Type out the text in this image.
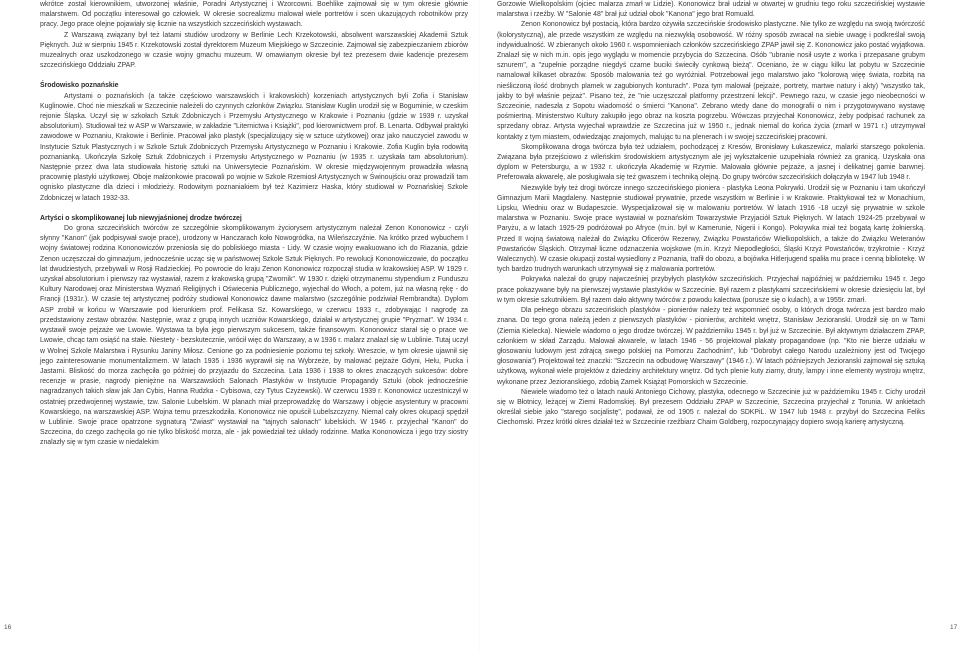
wkrótce został kierownikiem, utworzonej właśnie, Poradni Artystycznej i Wzorcowni. Boehlike zajmował się w tym okresie głównie malarstwem. Od początku interesował go człowiek. W okresie socrealizmu malował wiele portretów i scen ukazujących robotników przy pracy. Jego prace olejne pojawiały się licznie na wszystkich szczecińskich wystawach.

Z Warszawą związany był też latami studiów urodzony w Berlinie Lech Krzekotowski, absolwent warszawskiej Akademii Sztuk Pięknych. Już w sierpniu 1945 r. Krzekotowski został dyrektorem Muzeum Miejskiego w Szczecinie. Zajmował się zabezpieczaniem zbiorów muzealnych oraz uszkodzonego w czasie wojny gmachu muzeum. W omawianym okresie był też prezesem dwie kadencje prezesem szczecińskiego Oddziału ZPAP.

Środowisko poznańskie

Artystami o poznańskich (a także częściowo warszawskich i krakowskich) korzeniach artystycznych byli Zofia i Stanisław Kuglinowie. Choć nie mieszkali w Szczecinie należeli do czynnych członków Związku. Stanisław Kuglin urodził się w Boguminie, w czeskim rejonie Śląska. Uczył się w szkołach Sztuk Zdobniczych i Przemysłu Artystycznego w Krakowie i Poznaniu (gdzie w 1939 r. uzyskał absolutorium). Studiował też w ASP w Warszawie, w zakładzie "Liternictwa i Książki", pod kierownictwem prof. B. Lenarta. Odbywał praktyki zawodowe w Poznaniu, Krakowie i Berlinie. Pracował jako plastyk (specjalizujący się w sztuce użytkowej) oraz jako nauczyciel zawodu w Instytucie Sztuk Plastycznych i w Szkole Sztuk Zdobniczych Przemysłu Artystycznego w Poznaniu i Krakowie. Zofia Kuglin była rodowitą poznanianką. Ukończyła Szkołę Sztuk Zdobniczych i Przemysłu Artystycznego w Poznaniu (w 1935 r. uzyskała tam absolutorium). Następnie przez dwa lata studiowała historię sztuki na Uniwersytecie Poznańskim. W okresie międzywojennym prowadziła własną pracownię plastyki użytkowej. Oboje małżonkowie pracowali po wojnie w Szkole Rzemiosł Artystycznych w Świnoujściu oraz prowadzili tam ognisko plastyczne dla dzieci i młodzieży. Rodowitym poznaniakiem był też Kazimierz Haska, który studiował w Poznańskiej Szkole Zdobniczej w latach 1932-33.

Artyści o skomplikowanej lub niewyjaśnionej drodze twórczej

Do grona szczecińskich twórców ze szczególnie skomplikowanym życiorysem artystycznym należał Zenon Kononowicz - czyli słynny "Kanon" (jak podpisywał swoje prace), urodzony w Hanczarach koło Nowogródka, na Wileńszczyźnie. Na krótko przed wybuchem I wojny światowej rodzina Kononowiczów przeniosła się do pobliskiego miasta - Lidy. W czasie wojny ewakuowano ich do Riazania, gdzie Zenon uczęszczał do gimnazjum, jednocześnie ucząc się w państwowej Szkole Sztuk Pięknych. Po rewolucji Kononowiczowie, do początku lat dwudziestych, przebywali w Rosji Radzieckiej. Po powrocie do kraju Zenon Kononowicz rozpoczął studia w krakowskiej ASP. W 1929 r. uzyskał absolutorium i pierwszy raz wystawiał, razem z krakowską grupą "Zwornik". W 1930 r. dzięki otrzymanemu stypendium z Funduszu Kultury Narodowej oraz Ministerstwa Wyznań Religijnych i Oświecenia Publicznego, wyjechał do Włoch, a potem, już na własną rękę - do Francji (1931r.). W czasie tej artystycznej podróży studiował Kononowicz dawne malarstwo (szczególnie podziwiał Rembrandta). Dyplom ASP zrobił w końcu w Warszawie pod kierunkiem prof. Felikasa Sz. Kowarskiego, w czerwcu 1933 r., zdobywając I nagrodę za przedstawiony zestaw obrazów. Następnie, wraz z grupą innych uczniów Kowarskiego, działał w artystycznej grupie "Pryzmat". W 1934 r. wystawił swoje pejzaże we Lwowie. Wystawa ta była jego pierwszym sukcesem, także finansowym. Kononowicz starał się o prace we Lwowie, chcąc tam osiąść na stałe. Niestety - bezskutecznie, wrócił więc do Warszawy, a w 1936 r. malarz znalazł się w Lublinie. Tutaj uczył w Wolnej Szkole Malarstwa i Rysunku Janiny Miłosz. Cenione go za podniesienie poziomu tej szkoły. Wreszcie, w tym okresie ujawnił się jego zainteresowanie monumentalizmem. W latach 1935 i 1936 wyprawił się na Wybrzeże, by malować pejzaże Gdyni, Helu, Pucka i Jastarni. Bliskość do morza zachęciła go później do przyjazdu do Szczecina. Lata 1936 i 1938 to okres znaczących sukcesów: dobre recenzje w prasie, nagrody pieniężne na Warszawskich Salonach Plastyków w Instytucie Propagandy Sztuki (obok jednocześnie nagradzanych takich sław jak Jan Cybis, Hanna Rudzka - Cybisowa, czy Tytus Czyżewski). W czerwcu 1939 r. Kononowicz uczestniczył w ostatniej przedwojennej wystawie, tzw. Salonie Lubelskim. W planach miał przeprowadzkę do Warszawy i objęcie asystentury w pracowni Kowarskiego, na warszawskiej ASP. Wojna temu przeszkodziła. Kononowicz nie opuścił Lubelszczyzny. Niemal cały okres okupacji spędził w Lublinie. Swoje prace opatrzone sygnaturą "Zwiast" wystawiał na "tajnych salonach" lubelskich. W 1946 r. przyjechał "Kanon" do Szczecina, do czego zachęciła go nie tylko bliskość morza, ale - jak powiedział też układy rodzinne. Matka Kononowicza i jego trzy siostry znalazły się w tym czasie w niedalekim

Gorzowie Wielkopolskim (ojciec malarza zmarł w Lidzie). Kononowicz brał udział w otwartej w grudniu tego roku szczecińskiej wystawie malarstwa i rzeźby. W "Salonie 48" brał już udział obok "Kanona" jego brat Romuald.

Zenon Kononowicz był postacią, która bardzo ożywiła szczecińskie środowisko plastyczne. Nie tylko ze względu na swoją twórczość (kolorystyczną), ale przede wszystkim ze względu na niezwykłą osobowość. W różny sposób zwracał na siebie uwagę i podkreślał swoją indywidualność. W zbieranych około 1960 r. wspomnieniach członków szczecińskiego ZPAP jawił się Z. Kononowicz jako postać wyjątkowa. Znalazł się w nich m.in. opis jego wyglądu w momencie przybycia do Szczecina. Ośób "ubranie nosił usyte z worka i przepasane grubym sznurem", a "zupełnie porządne niegdyś czarne buciki świeciły cynkową bieżą". Oceniano, że w ciągu kilku lat pobytu w Szczecinie namalował kilkaset obrazów. Sposób malowania też go wyróżniał. Potrzebował jego malarstwo jako "kolorową więę świata, rozbitą na nieśliczoną ilość drobnych plamek w zagubionych konturach". Poza tym malował (pejzaże, portrety, martwe natury i akty) "wszystko tak, jakby to był właśnie pejzaż". Pisano też, że "nie uczęszczał platformy przestrzeni lekcji". Pewnego razu, w czasie jego nieobecności w Szczecinie, nadeszła z Sopotu wiadomość o śmierci "Kanona". Zebrano wtedy dane do monografii o nim i przygotowywano wystawę pośmiertną. Ministerstwo Kultury zakupiło jego obraz na koszta pogrzebu. Wówczas przyjechał Kononowicz, żeby podpisać rachunek za sprzedany obraz. Artysta wyjechał wprawdzie ze Szczecina już w 1950 r., jednak niemal do końca życia (zmarł w 1971 r.) utrzymywał kontakty z tym miastem, odwiedzając znajomych, malując tu na plenerach i w swojej szczecińskiej pracowni.

Skomplikowana droga twórcza była też udziałem, pochodzącej z Kresów, Bronisławy Łukaszewicz, malarki starszego pokolenia. Związana była przejściowo z wileńskim środowiskiem artystycznym ale jej wykształcenie uzupełniała również za granicą. Uzyskała ona dyplom w Petersburgu, a w 1932 r. ukończyła Akademię w Rzymie. Malowała głównie pejzaże, a jasnej i delikatnej gamie barwnej. Preferowała akwarelę, ale posługiwała się też gwaszem i techniką olejną. Do grupy twórców szczecińskich dołączyła w 1947 lub 1948 r.

Niezwykle były też drogi twórcze innego szczecińskiego pioniera - plastyka Leona Pokrywki. Urodził się w Poznaniu i tam ukończył Gimnazjum Marii Magdaleny. Następnie studiował prywatnie, przede wszystkim w Berlinie i w Krakowie. Praktykował też w Monachium, Lipsku, Wiedniu oraz w Budapeszcie. Wyspecjalizował się w malowaniu portretów. W latach 1916 -18 uczył się prywatnie w szkole malarstwa w Poznaniu. Swoje prace wystawiał w poznańskim Towarzystwie Przyjaciół Sztuk Pięknych. W latach 1924-25 przebywał w Paryżu, a w latach 1925-29 podróżował po Afryce (m.in. był w Kamerunie, Nigerii i Kongo). Pokrywka miał też bogatą kartę żołnierską. Przed II wojną światową należał do Związku Oficerów Rezerwy, Związku Powstańców Wielkopolskich, a także do Związku Weteranów Powstańców Śląskich. Otrzymał liczne odznaczenia wojskowe (m.in. Krzyż Niepodległości, Śląski Krzyż Powstańców, trzykrotnie - Krzyż Walecznych). W czasie okupacji został wysiedlony z Poznania, trafił do obozu, a bojówka Hitlerjugend spaliła mu prace i cenną bibliotekę. W tych bardzo trudnych warunkach utrzymywał się z malowania portretów.

Pokrywka należał do grupy najwcześniej przybyłych plastyków szczecińskich. Przyjechał najpóźniej w październiku 1945 r. Jego prace pokazywane były na pierwszej wystawie plastyków w Szczecinie. Był razem z plastykami szczecińskiemi w okresie dziesięciu lat, był w tym okresie szkutnikiem. Był razem dało aktywny twórców z powodu kalectwa (porusze się o kulach), a w 1955r. zmarł.

Dla pełnego obrazu szczecińskich plastyków - pionierów należy też wspomnieć osoby, o których droga twórcza jest bardzo mało znana. Do tego grona należą jeden z pierwszych plastyków - pionierów, architekt wnętrz, Stanisław Jezioranski. Urodził się on w Tarni (Ziemia Kielecka). Niewiele wiadomo o jego drodze twórczej. W październiku 1945 r. był już w Szczecinie. Był aktywnym działaczem ZPAP, członkiem w skład Zarządu. Malował akwarele, w latach 1946 - 56 projektował plakaty propagandowe (np. "Kto nie bierze udziału w głosowaniu ludowym jest zdrajcą swego polskiej na Pomorzu Zachodnim", lub "Dobrobyt całego Narodu uzależniony jest od Twojego głosowania") Projektował też znaczki: "Szczecin na odbudowę Warszawy" (1946 r.). W latach późniejszych Jezioranski zajmował się sztuką użytkową, wykonał wiele projektów z dziedziny architektury wnętrz. Od tych plenie kuty ziarny, druty, lampy i inne elementy wystroju wnętrz, wykonane przez Jezioranskiego, zdobią Zamek Książąt Pomorskich w Szczecinie.

Niewiele wiadomo też o latach nauki Antoniego Cichowy, plastyka, odecnego w Szczecinie już w październiku 1945 r. Cichy urodził się w Błotnicy, leżącej w Ziemi Radomskiej. Był prezesem Oddziału ZPAP w Szczecinie, Szczecina przyjechał z Torunia. W ankietach określał siebie jako "starego socjalistę", podawał, że od 1905 r. należał do SDKPiL. W 1947 lub 1948 r. przybył do Szczecina Feliks Ciechomski. Przez krótki okres działał też w Szczecinie rzeźbiarz Chaim Goldberg, rozpoczynający dopiero swoją karierę artystyczną.

16	17
